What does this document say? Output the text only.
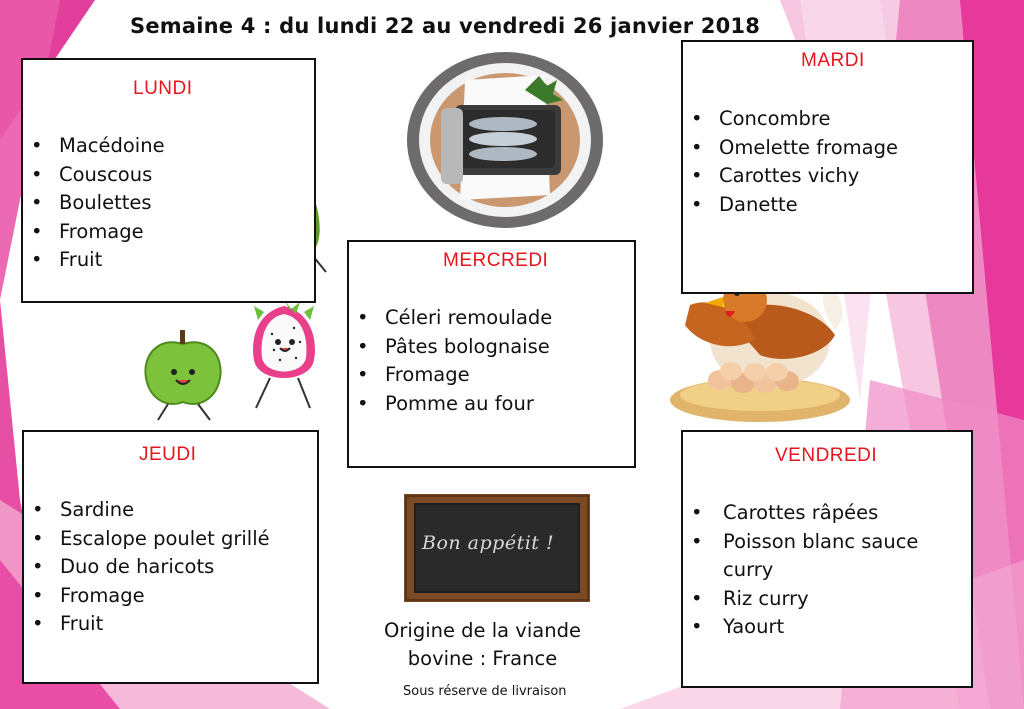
Semaine 4 : du lundi 22 au vendredi 26 janvier 2018
Bon appétit !
LUNDI
• Macédoine
• Couscous
• Boulettes
• Fromage
• Fruit
MARDI
• Concombre
• Omelette fromage
• Carottes vichy
• Danette
MERCREDI
• Céleri remoulade
• Pâtes bolognaise
• Fromage
• Pomme au four
JEUDI
• Sardine
• Escalope poulet grillé
• Duo de haricots
• Fromage
• Fruit
VENDREDI
• Carottes râpées
• Poisson blanc sauce curry
• Riz curry
• Yaourt
Origine de la viande bovine : France
Sous réserve de livraison
